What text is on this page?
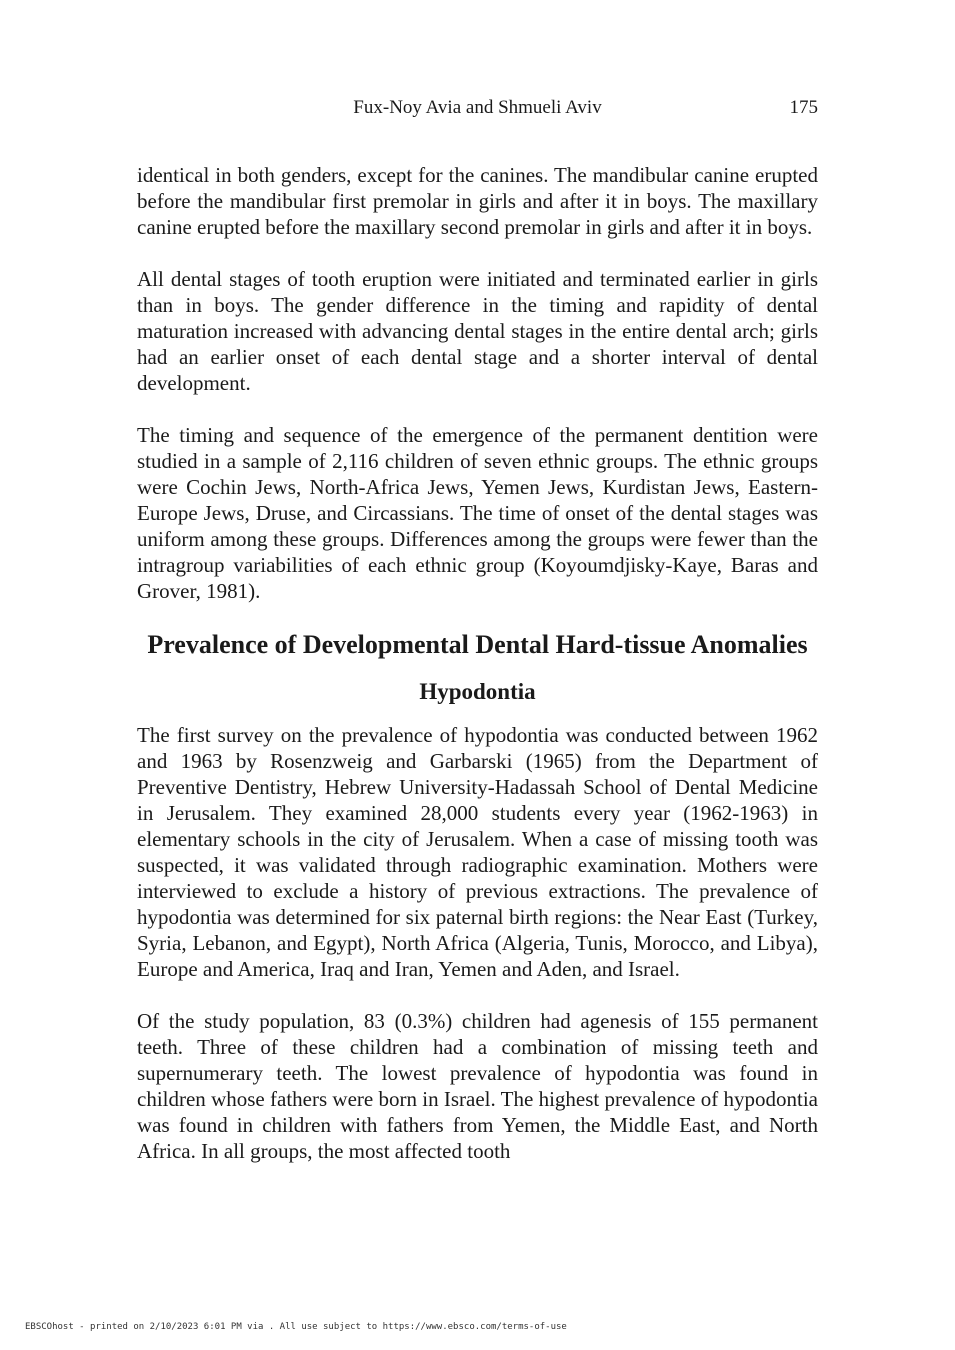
Fux-Noy Avia and Shmueli Aviv	175

identical in both genders, except for the canines. The mandibular canine erupted before the mandibular first premolar in girls and after it in boys. The maxillary canine erupted before the maxillary second premolar in girls and after it in boys.

All dental stages of tooth eruption were initiated and terminated earlier in girls than in boys. The gender difference in the timing and rapidity of dental maturation increased with advancing dental stages in the entire dental arch; girls had an earlier onset of each dental stage and a shorter interval of dental development.

The timing and sequence of the emergence of the permanent dentition were studied in a sample of 2,116 children of seven ethnic groups. The ethnic groups were Cochin Jews, North-Africa Jews, Yemen Jews, Kurdistan Jews, Eastern-Europe Jews, Druse, and Circassians. The time of onset of the dental stages was uniform among these groups. Differences among the groups were fewer than the intragroup variabilities of each ethnic group (Koyoumdjisky-Kaye, Baras and Grover, 1981).

Prevalence of Developmental Dental Hard-tissue Anomalies
Hypodontia

The first survey on the prevalence of hypodontia was conducted between 1962 and 1963 by Rosenzweig and Garbarski (1965) from the Department of Preventive Dentistry, Hebrew University-Hadassah School of Dental Medicine in Jerusalem. They examined 28,000 students every year (1962-1963) in elementary schools in the city of Jerusalem. When a case of missing tooth was suspected, it was validated through radiographic examination. Mothers were interviewed to exclude a history of previous extractions. The prevalence of hypodontia was determined for six paternal birth regions: the Near East (Turkey, Syria, Lebanon, and Egypt), North Africa (Algeria, Tunis, Morocco, and Libya), Europe and America, Iraq and Iran, Yemen and Aden, and Israel.

Of the study population, 83 (0.3%) children had agenesis of 155 permanent teeth. Three of these children had a combination of missing teeth and supernumerary teeth. The lowest prevalence of hypodontia was found in children whose fathers were born in Israel. The highest prevalence of hypodontia was found in children with fathers from Yemen, the Middle East, and North Africa. In all groups, the most affected tooth

EBSCOhost - printed on 2/10/2023 6:01 PM via . All use subject to https://www.ebsco.com/terms-of-use
